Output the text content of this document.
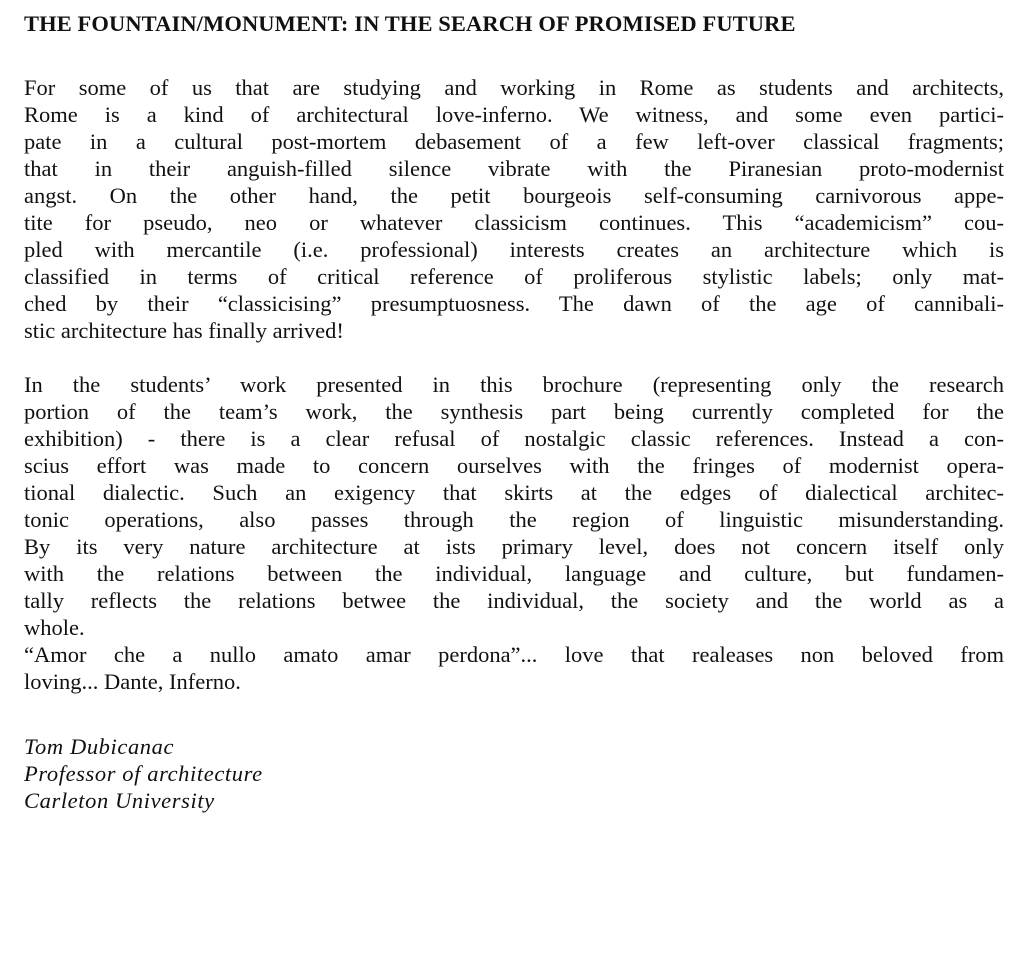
THE FOUNTAIN/MONUMENT: IN THE SEARCH OF PROMISED FUTURE

For some of us that are studying and working in Rome as students and architects,
Rome is a kind of architectural love-inferno. We witness, and some even partici-
pate in a cultural post-mortem debasement of a few left-over classical fragments;
that in their anguish-filled silence vibrate with the Piranesian proto-modernist
angst. On the other hand, the petit bourgeois self-consuming carnivorous appe-
tite for pseudo, neo or whatever classicism continues. This “academicism” cou-
pled with mercantile (i.e. professional) interests creates an architecture which is
classified in terms of critical reference of proliferous stylistic labels; only mat-
ched by their “classicising” presumptuosness. The dawn of the age of cannibali-
stic architecture has finally arrived!

In the students’ work presented in this brochure (representing only the research
portion of the team’s work, the synthesis part being currently completed for the
exhibition) - there is a clear refusal of nostalgic classic references. Instead a con-
scius effort was made to concern ourselves with the fringes of modernist opera-
tional dialectic. Such an exigency that skirts at the edges of dialectical architec-
tonic operations, also passes through the region of linguistic misunderstanding.
By its very nature architecture at ists primary level, does not concern itself only
with the relations between the individual, language and culture, but fundamen-
tally reflects the relations betwee the individual, the society and the world as a
whole.

“Amor che a nullo amato amar perdona”... love that realeases non beloved from
loving... Dante, Inferno.

Tom Dubicanac
Professor of architecture
Carleton University
